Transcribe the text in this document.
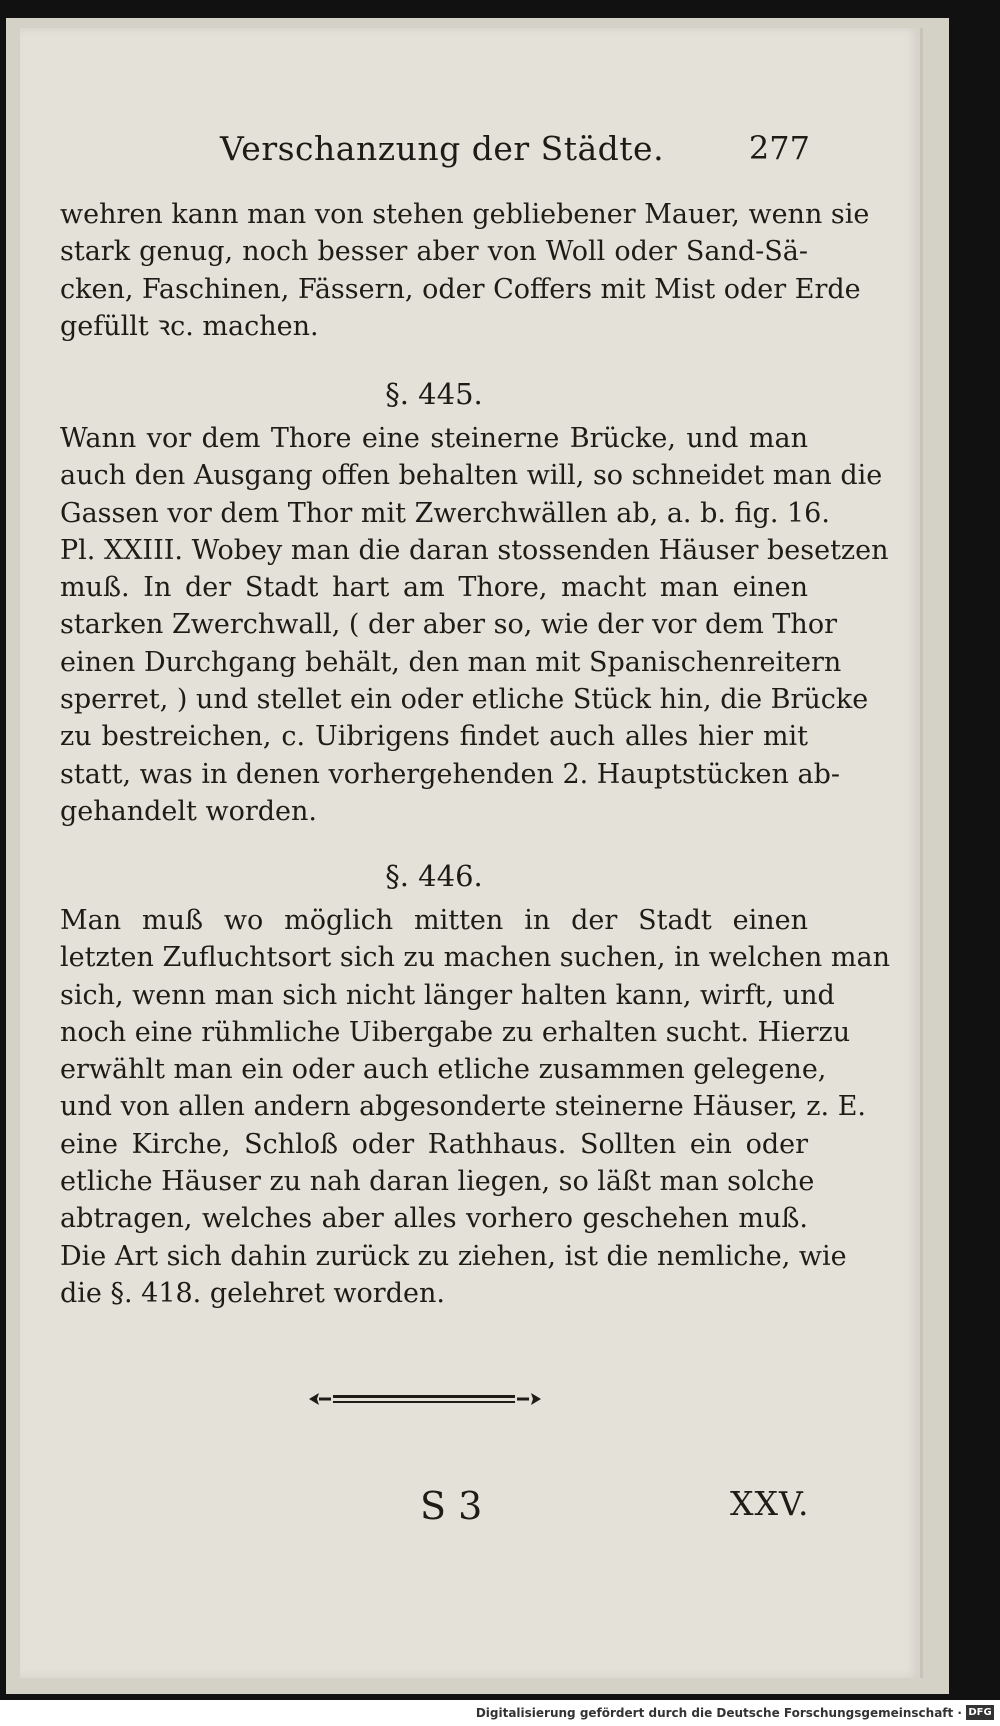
Verschanzung der Städte.	277
wehren kann man von stehen gebliebener Mauer, wenn sie
stark genug, noch besser aber von Woll oder Sand-Sä-
cken, Faschinen, Fässern, oder Coffers mit Mist oder Erde
gefüllt ꝛc. machen.
§. 445.
Wann vor dem Thore eine steinerne Brücke, und man
auch den Ausgang offen behalten will, so schneidet man die
Gassen vor dem Thor mit Zwerchwällen ab, a. b. fig. 16.
Pl. XXIII. Wobey man die daran stossenden Häuser besetzen
muß. In der Stadt hart am Thore, macht man einen
starken Zwerchwall, ( der aber so, wie der vor dem Thor
einen Durchgang behält, den man mit Spanischenreitern
sperret, ) und stellet ein oder etliche Stück hin, die Brücke
zu bestreichen, c. Uibrigens findet auch alles hier mit
statt, was in denen vorhergehenden 2. Hauptstücken ab-
gehandelt worden.
§. 446.
Man muß wo möglich mitten in der Stadt einen
letzten Zufluchtsort sich zu machen suchen, in welchen man
sich, wenn man sich nicht länger halten kann, wirft, und
noch eine rühmliche Uibergabe zu erhalten sucht. Hierzu
erwählt man ein oder auch etliche zusammen gelegene,
und von allen andern abgesonderte steinerne Häuser, z. E.
eine Kirche, Schloß oder Rathhaus. Sollten ein oder
etliche Häuser zu nah daran liegen, so läßt man solche
abtragen, welches aber alles vorhero geschehen muß.
Die Art sich dahin zurück zu ziehen, ist die nemliche, wie
die §. 418. gelehret worden.
S 3	XXV.
Digitalisierung gefördert durch die Deutsche Forschungsgemeinschaft · DFG
